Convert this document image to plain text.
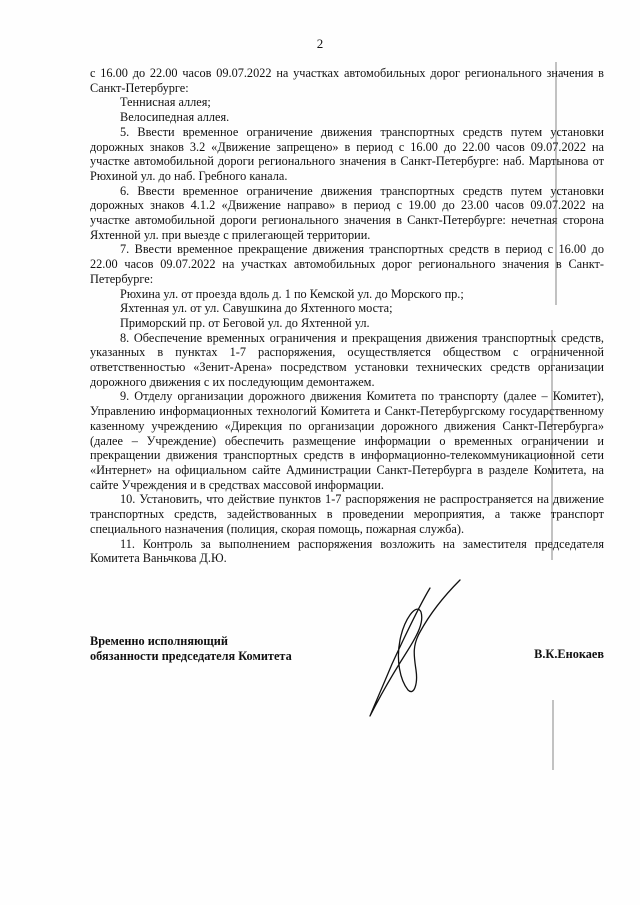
2

с 16.00 до 22.00 часов 09.07.2022 на участках автомобильных дорог регионального значения в Санкт-Петербурге:

Теннисная аллея;

Велосипедная аллея.

5. Ввести временное ограничение движения транспортных средств путем установки дорожных знаков 3.2 «Движение запрещено» в период с 16.00 до 22.00 часов 09.07.2022 на участке автомобильной дороги регионального значения в Санкт-Петербурге: наб. Мартынова от Рюхиной ул. до наб. Гребного канала.

6. Ввести временное ограничение движения транспортных средств путем установки дорожных знаков 4.1.2 «Движение направо» в период с 19.00 до 23.00 часов 09.07.2022 на участке автомобильной дороги регионального значения в Санкт-Петербурге: нечетная сторона Яхтенной ул. при выезде с прилегающей территории.

7. Ввести временное прекращение движения транспортных средств в период с 16.00 до 22.00 часов 09.07.2022 на участках автомобильных дорог регионального значения в Санкт-Петербурге:

Рюхина ул. от проезда вдоль д. 1 по Кемской ул. до Морского пр.;

Яхтенная ул. от ул. Савушкина до Яхтенного моста;

Приморский пр. от Беговой ул. до Яхтенной ул.

8. Обеспечение временных ограничения и прекращения движения транспортных средств, указанных в пунктах 1-7 распоряжения, осуществляется обществом с ограниченной ответственностью «Зенит-Арена» посредством установки технических средств организации дорожного движения с их последующим демонтажем.

9. Отделу организации дорожного движения Комитета по транспорту (далее – Комитет), Управлению информационных технологий Комитета и Санкт-Петербургскому государственному казенному учреждению «Дирекция по организации дорожного движения Санкт-Петербурга» (далее – Учреждение) обеспечить размещение информации о временных ограничении и прекращении движения транспортных средств в информационно-телекоммуникационной сети «Интернет» на официальном сайте Администрации Санкт-Петербурга в разделе Комитета, на сайте Учреждения и в средствах массовой информации.

10. Установить, что действие пунктов 1-7 распоряжения не распространяется на движение транспортных средств, задействованных в проведении мероприятия, а также транспорт специального назначения (полиция, скорая помощь, пожарная служба).

11. Контроль за выполнением распоряжения возложить на заместителя председателя Комитета Ваньчкова Д.Ю.

Временно исполняющий
обязанности председателя Комитета	В.К.Енокаев
